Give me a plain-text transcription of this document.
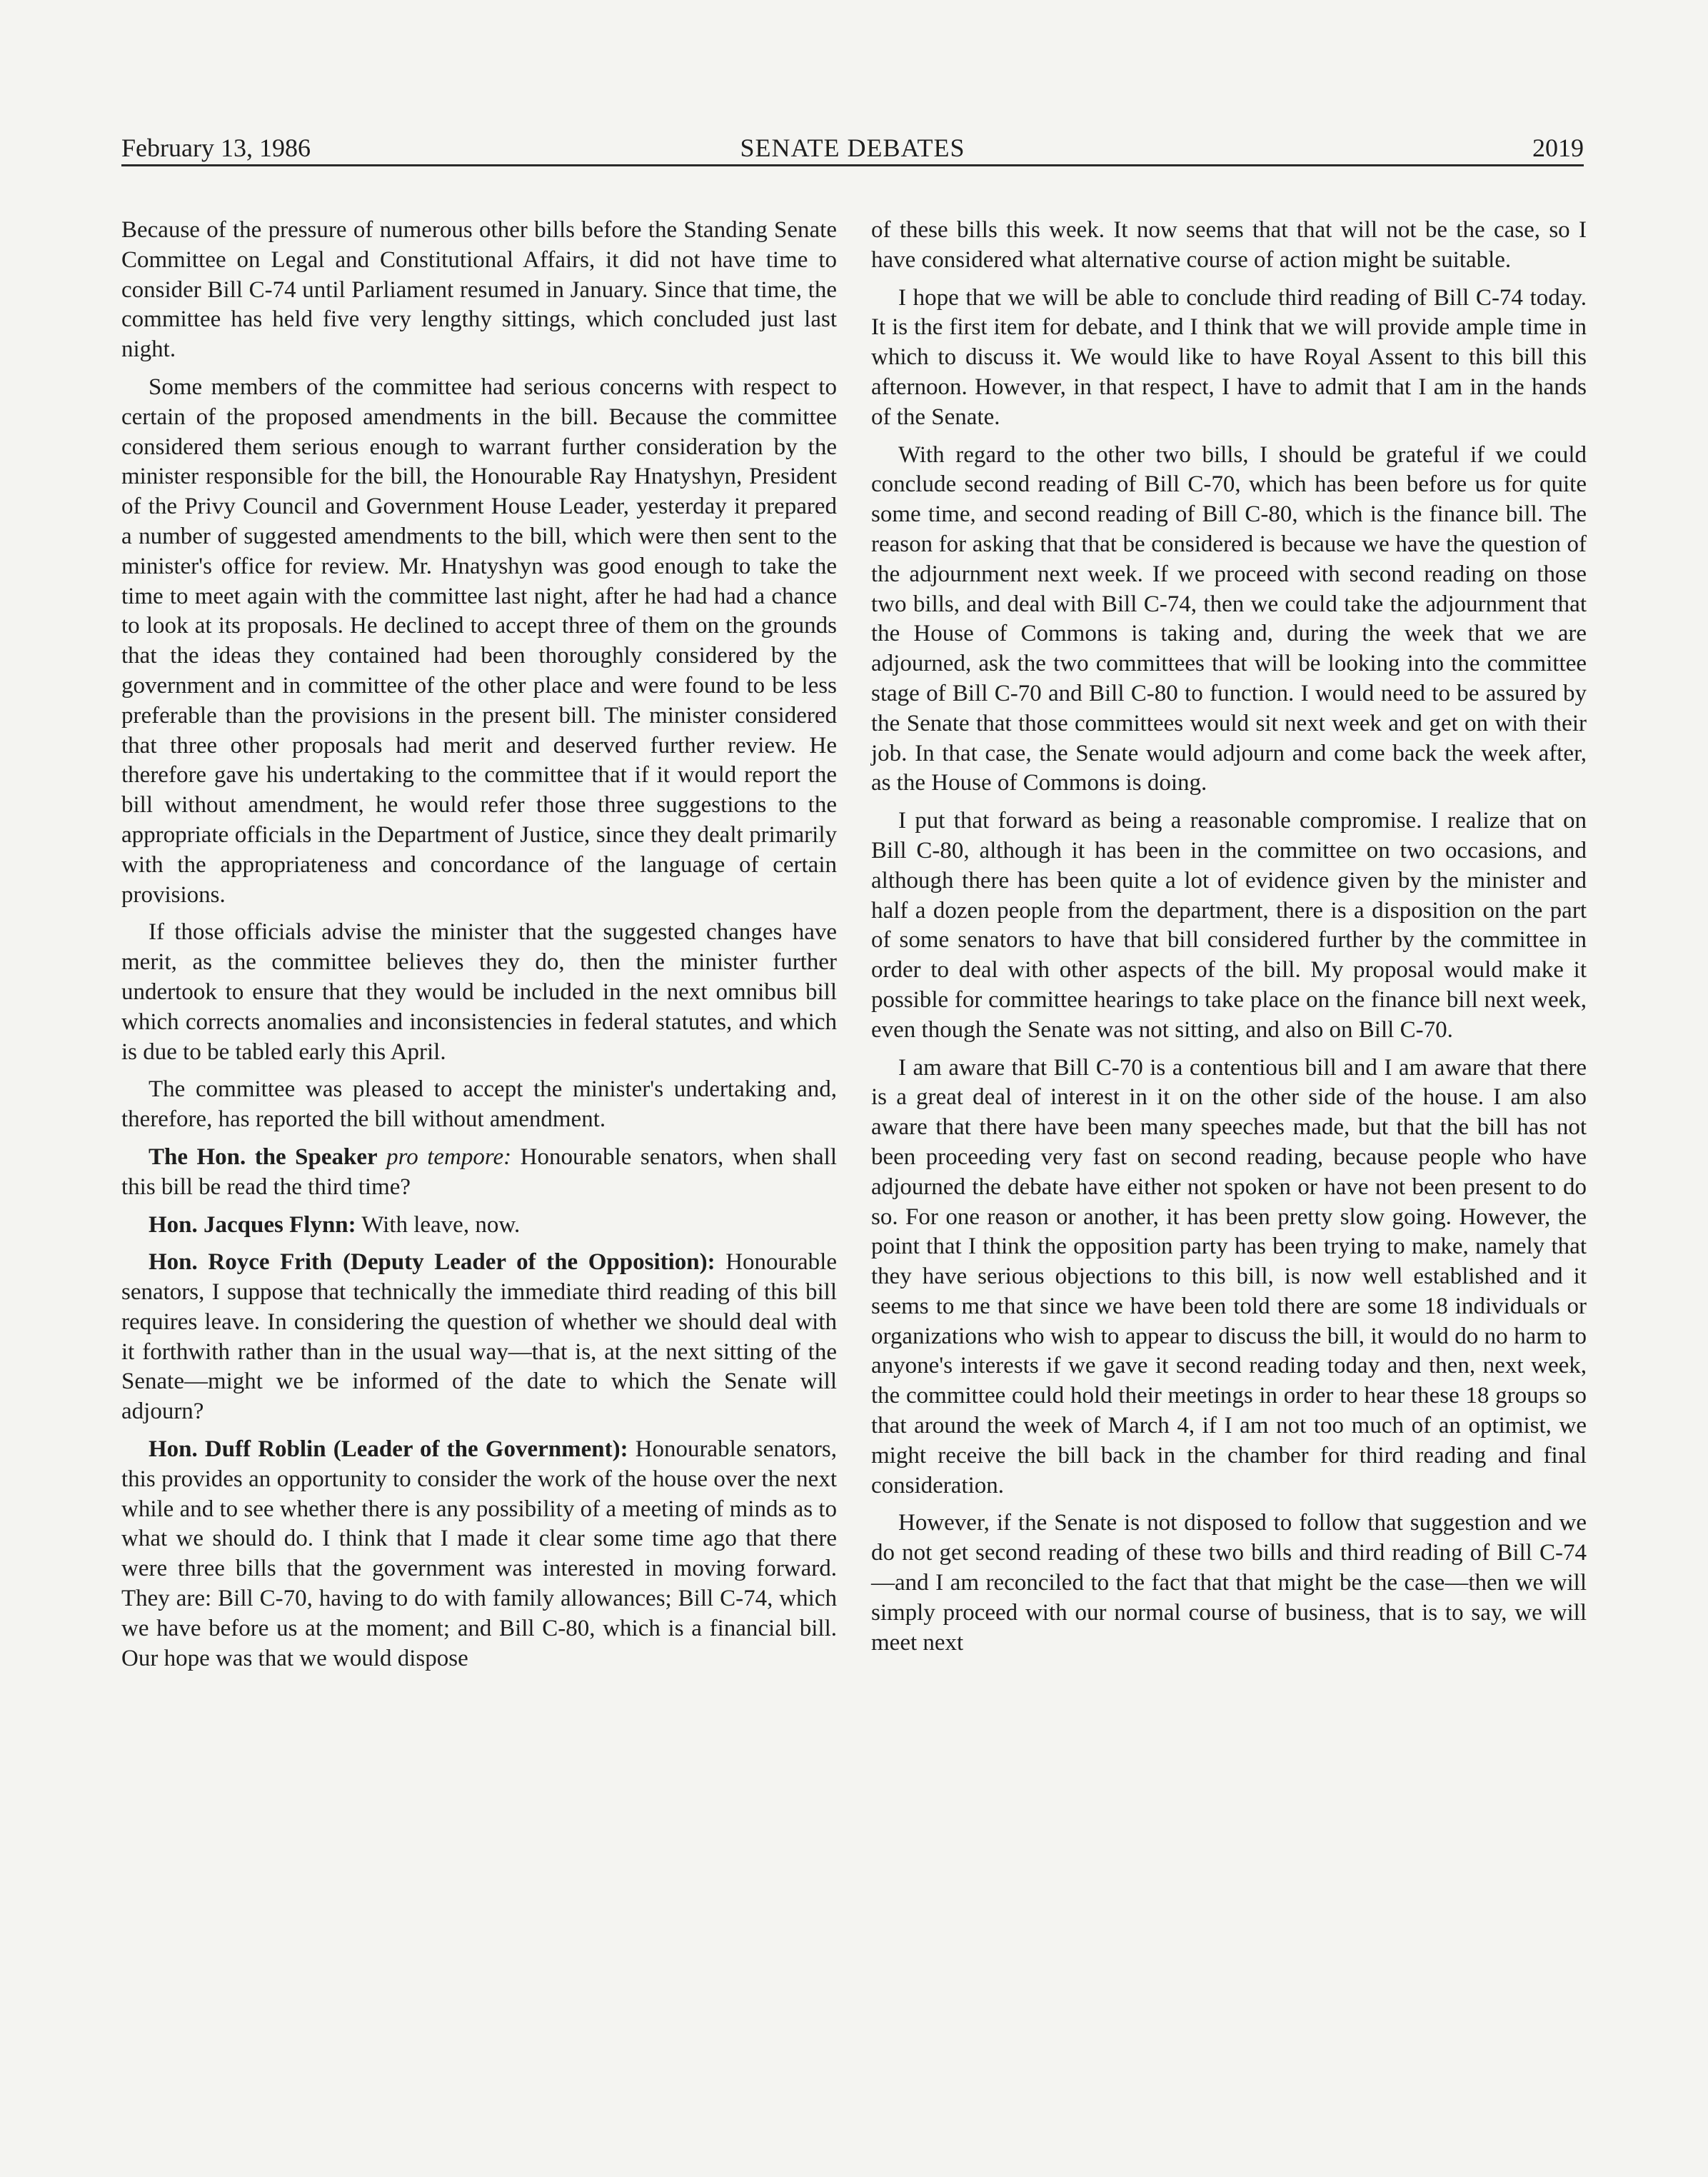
February 13, 1986	SENATE DEBATES	2019

Because of the pressure of numerous other bills before the Standing Senate Committee on Legal and Constitutional Affairs, it did not have time to consider Bill C-74 until Parliament resumed in January. Since that time, the committee has held five very lengthy sittings, which concluded just last night.

Some members of the committee had serious concerns with respect to certain of the proposed amendments in the bill. Because the committee considered them serious enough to warrant further consideration by the minister responsible for the bill, the Honourable Ray Hnatyshyn, President of the Privy Council and Government House Leader, yesterday it prepared a number of suggested amendments to the bill, which were then sent to the minister's office for review. Mr. Hnatyshyn was good enough to take the time to meet again with the committee last night, after he had had a chance to look at its proposals. He declined to accept three of them on the grounds that the ideas they contained had been thoroughly considered by the government and in committee of the other place and were found to be less preferable than the provisions in the present bill. The minister considered that three other proposals had merit and deserved further review. He therefore gave his undertaking to the committee that if it would report the bill without amendment, he would refer those three suggestions to the appropriate officials in the Department of Justice, since they dealt primarily with the appropriateness and concordance of the language of certain provisions.

If those officials advise the minister that the suggested changes have merit, as the committee believes they do, then the minister further undertook to ensure that they would be included in the next omnibus bill which corrects anomalies and inconsistencies in federal statutes, and which is due to be tabled early this April.

The committee was pleased to accept the minister's undertaking and, therefore, has reported the bill without amendment.

The Hon. the Speaker pro tempore: Honourable senators, when shall this bill be read the third time?

Hon. Jacques Flynn: With leave, now.

Hon. Royce Frith (Deputy Leader of the Opposition): Honourable senators, I suppose that technically the immediate third reading of this bill requires leave. In considering the question of whether we should deal with it forthwith rather than in the usual way—that is, at the next sitting of the Senate—might we be informed of the date to which the Senate will adjourn?

Hon. Duff Roblin (Leader of the Government): Honourable senators, this provides an opportunity to consider the work of the house over the next while and to see whether there is any possibility of a meeting of minds as to what we should do. I think that I made it clear some time ago that there were three bills that the government was interested in moving forward. They are: Bill C-70, having to do with family allowances; Bill C-74, which we have before us at the moment; and Bill C-80, which is a financial bill. Our hope was that we would dispose

of these bills this week. It now seems that that will not be the case, so I have considered what alternative course of action might be suitable.

I hope that we will be able to conclude third reading of Bill C-74 today. It is the first item for debate, and I think that we will provide ample time in which to discuss it. We would like to have Royal Assent to this bill this afternoon. However, in that respect, I have to admit that I am in the hands of the Senate.

With regard to the other two bills, I should be grateful if we could conclude second reading of Bill C-70, which has been before us for quite some time, and second reading of Bill C-80, which is the finance bill. The reason for asking that that be considered is because we have the question of the adjournment next week. If we proceed with second reading on those two bills, and deal with Bill C-74, then we could take the adjournment that the House of Commons is taking and, during the week that we are adjourned, ask the two committees that will be looking into the committee stage of Bill C-70 and Bill C-80 to function. I would need to be assured by the Senate that those committees would sit next week and get on with their job. In that case, the Senate would adjourn and come back the week after, as the House of Commons is doing.

I put that forward as being a reasonable compromise. I realize that on Bill C-80, although it has been in the committee on two occasions, and although there has been quite a lot of evidence given by the minister and half a dozen people from the department, there is a disposition on the part of some senators to have that bill considered further by the committee in order to deal with other aspects of the bill. My proposal would make it possible for committee hearings to take place on the finance bill next week, even though the Senate was not sitting, and also on Bill C-70.

I am aware that Bill C-70 is a contentious bill and I am aware that there is a great deal of interest in it on the other side of the house. I am also aware that there have been many speeches made, but that the bill has not been proceeding very fast on second reading, because people who have adjourned the debate have either not spoken or have not been present to do so. For one reason or another, it has been pretty slow going. However, the point that I think the opposition party has been trying to make, namely that they have serious objections to this bill, is now well established and it seems to me that since we have been told there are some 18 individuals or organizations who wish to appear to discuss the bill, it would do no harm to anyone's interests if we gave it second reading today and then, next week, the committee could hold their meetings in order to hear these 18 groups so that around the week of March 4, if I am not too much of an optimist, we might receive the bill back in the chamber for third reading and final consideration.

However, if the Senate is not disposed to follow that suggestion and we do not get second reading of these two bills and third reading of Bill C-74—and I am reconciled to the fact that that might be the case—then we will simply proceed with our normal course of business, that is to say, we will meet next
